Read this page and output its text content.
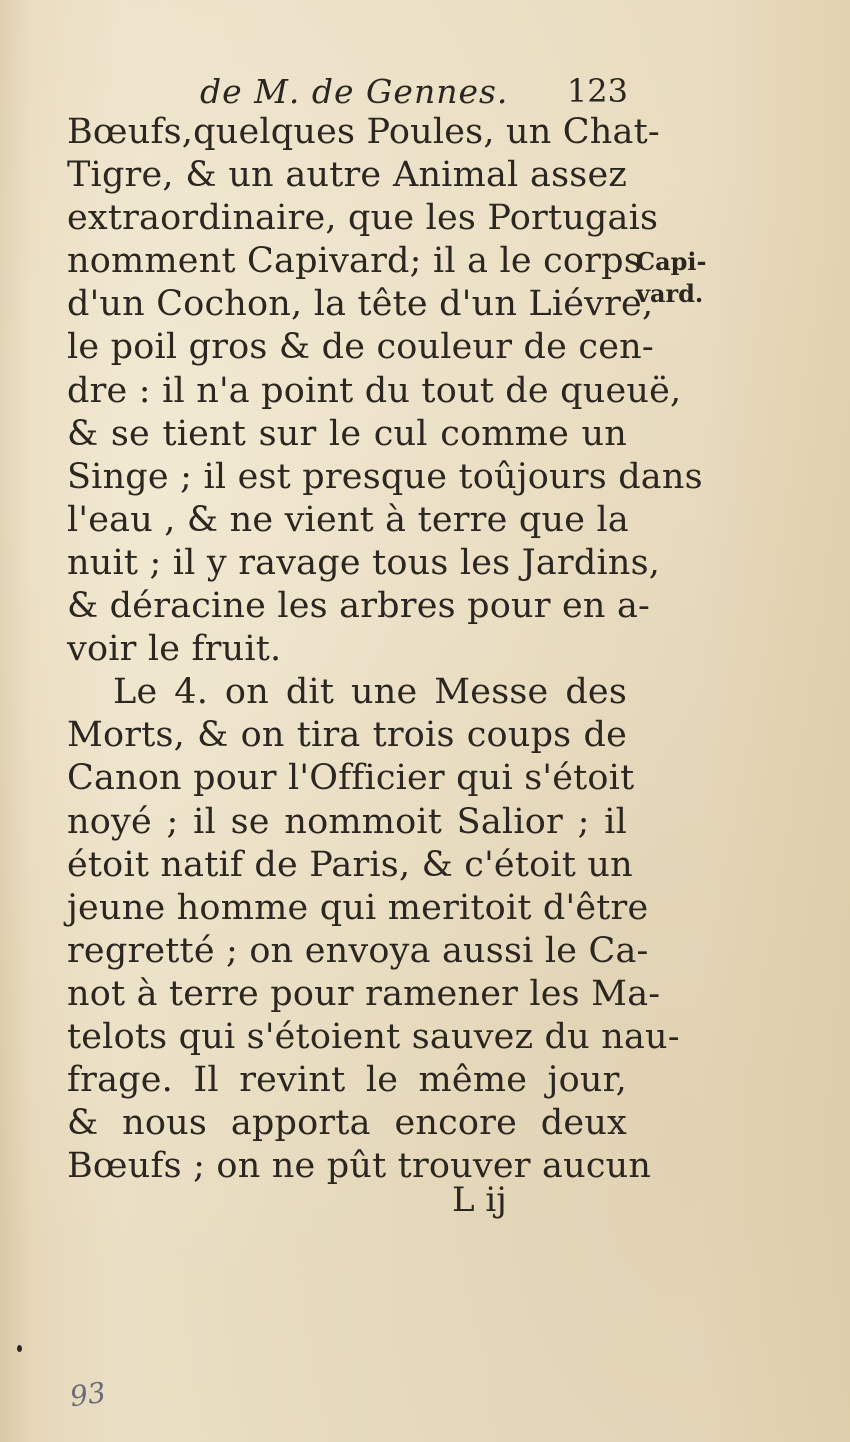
de M. de Gennes. 123
Bœufs,quelques Poules, un Chat-
Tigre, & un autre Animal assez
extraordinaire, que les Portugais
nomment Capivard; il a le corps
d'un Cochon, la tête d'un Liévre,
le poil gros & de couleur de cen-
dre : il n'a point du tout de queuë,
& se tient sur le cul comme un
Singe ; il est presque toûjours dans
l'eau , & ne vient à terre que la
nuit ; il y ravage tous les Jardins,
& déracine les arbres pour en a-
voir le fruit.
Le 4. on dit une Messe des
Morts, & on tira trois coups de
Canon pour l'Officier qui s'étoit
noyé ; il se nommoit Salior ; il
étoit natif de Paris, & c'étoit un
jeune homme qui meritoit d'être
regretté ; on envoya aussi le Ca-
not à terre pour ramener les Ma-
telots qui s'étoient sauvez du nau-
frage. Il revint le même jour,
& nous apporta encore deux
Bœufs ; on ne pût trouver aucun
Capi-
vard.
L ij
93
